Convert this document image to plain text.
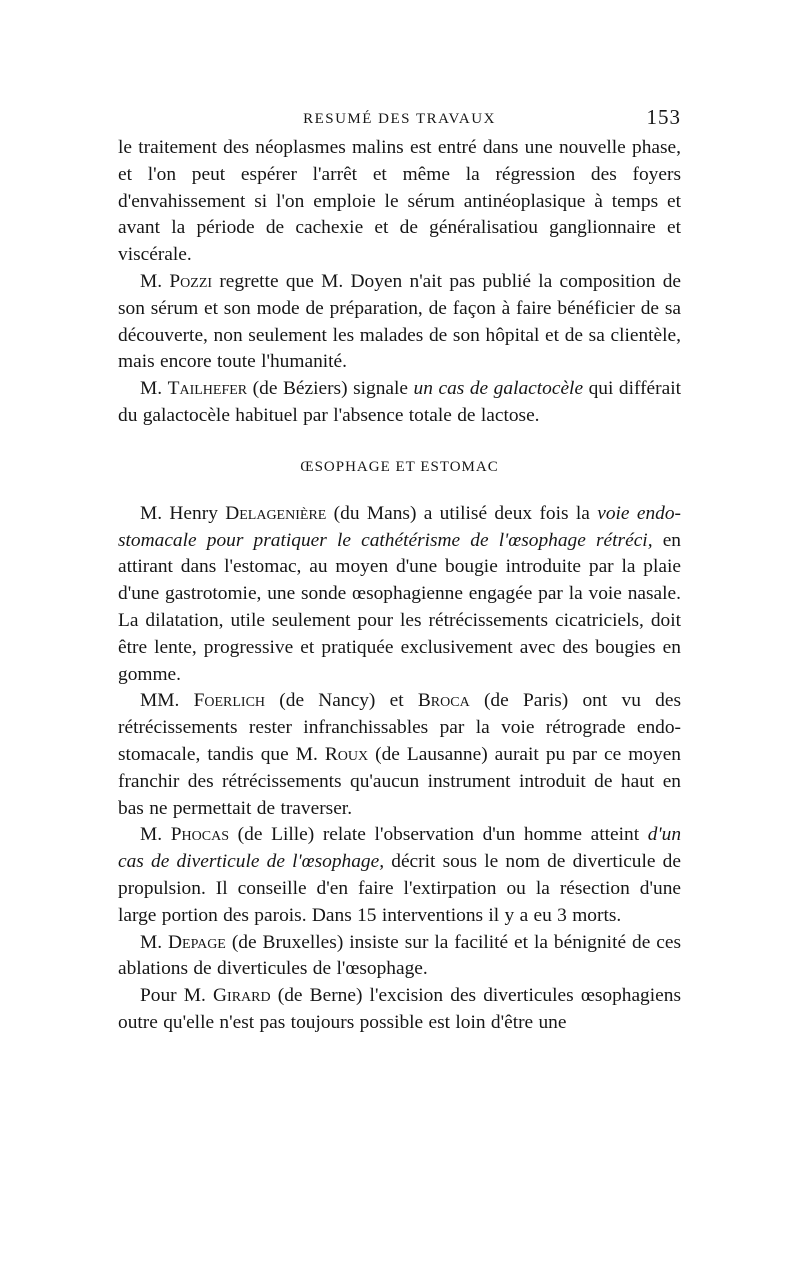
RESUMÉ DES TRAVAUX	153

le traitement des néoplasmes malins est entré dans une nouvelle phase, et l'on peut espérer l'arrêt et même la régression des foyers d'envahissement si l'on emploie le sérum antinéoplasique à temps et avant la période de cachexie et de généralisatiou ganglionnaire et viscérale.

M. Pozzi regrette que M. Doyen n'ait pas publié la composition de son sérum et son mode de préparation, de façon à faire bénéficier de sa découverte, non seulement les malades de son hôpital et de sa clientèle, mais encore toute l'humanité.

M. Tailhefer (de Béziers) signale un cas de galactocèle qui différait du galactocèle habituel par l'absence totale de lactose.

ŒSOPHAGE ET ESTOMAC

M. Henry Delagenière (du Mans) a utilisé deux fois la voie endo-stomacale pour pratiquer le cathétérisme de l'œsophage rétréci, en attirant dans l'estomac, au moyen d'une bougie introduite par la plaie d'une gastrotomie, une sonde œsophagienne engagée par la voie nasale. La dilatation, utile seulement pour les rétrécissements cicatriciels, doit être lente, progressive et pratiquée exclusivement avec des bougies en gomme.

MM. Foerlich (de Nancy) et Broca (de Paris) ont vu des rétrécissements rester infranchissables par la voie rétrograde endo-stomacale, tandis que M. Roux (de Lausanne) aurait pu par ce moyen franchir des rétrécissements qu'aucun instrument introduit de haut en bas ne permettait de traverser.

M. Phocas (de Lille) relate l'observation d'un homme atteint d'un cas de diverticule de l'œsophage, décrit sous le nom de diverticule de propulsion. Il conseille d'en faire l'extirpation ou la résection d'une large portion des parois. Dans 15 interventions il y a eu 3 morts.

M. Depage (de Bruxelles) insiste sur la facilité et la bénignité de ces ablations de diverticules de l'œsophage.

Pour M. Girard (de Berne) l'excision des diverticules œsophagiens outre qu'elle n'est pas toujours possible est loin d'être une
